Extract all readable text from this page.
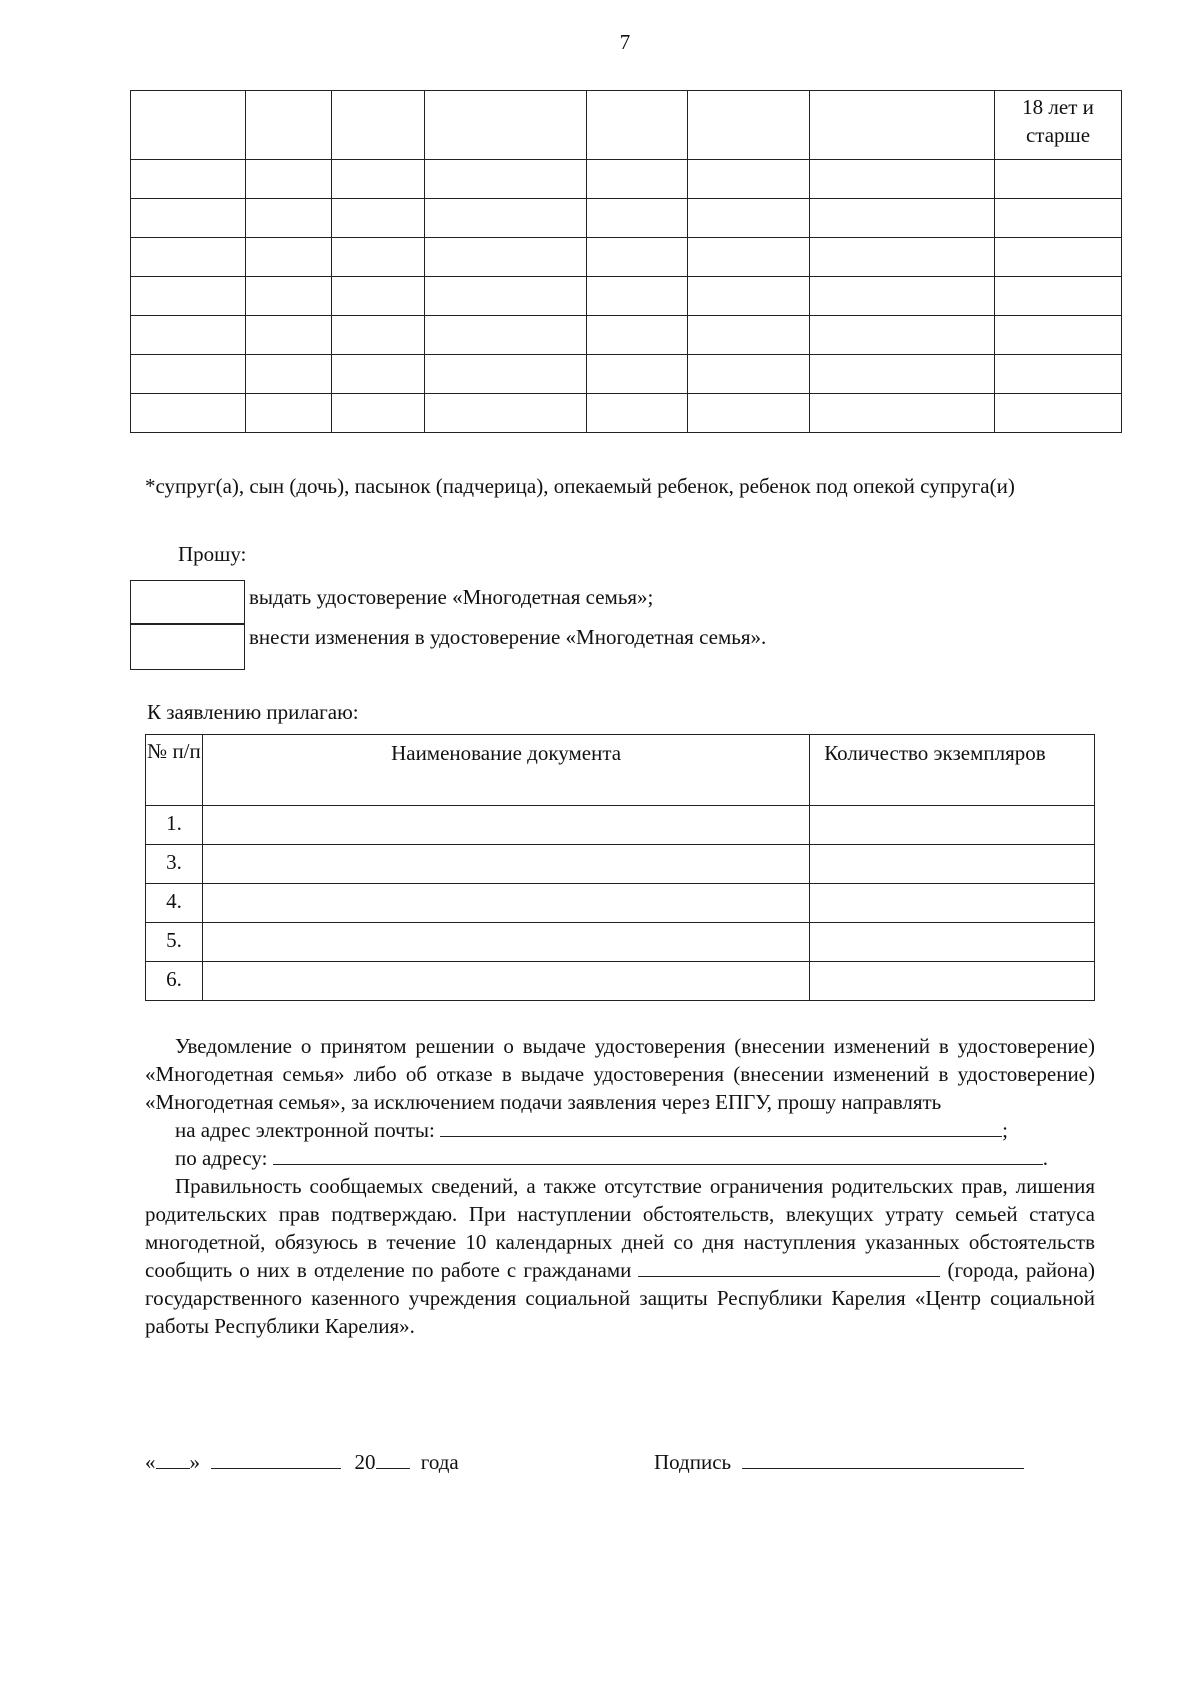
7
							18 лет и старше

*супруг(а), сын (дочь), пасынок (падчерица), опекаемый ребенок, ребенок под опекой супруга(и)
Прошу:
выдать удостоверение «Многодетная семья»;
внести изменения в удостоверение «Многодетная семья».
К заявлению прилагаю:
№ п/п	Наименование документа	Количество экземпляров
1.		
3.		
4.		
5.		
6.		

Уведомление о принятом решении о выдаче удостоверения (внесении изменений в удостоверение) «Многодетная семья» либо об отказе в выдаче удостоверения (внесении изменений в удостоверение) «Многодетная семья», за исключением подачи заявления через ЕПГУ, прошу направлять

на адрес электронной почты:	;

по адресу:	.

Правильность сообщаемых сведений, а также отсутствие ограничения родительских прав, лишения родительских прав подтверждаю. При наступлении обстоятельств, влекущих утрату семьей статуса многодетной, обязуюсь в течение 10 календарных дней со дня наступления указанных обстоятельств сообщить о них в отделение по работе с гражданами	(города, района) государственного казенного учреждения социальной защиты Республики Карелия «Центр социальной работы Республики Карелия».

« »	20 года	Подпись
